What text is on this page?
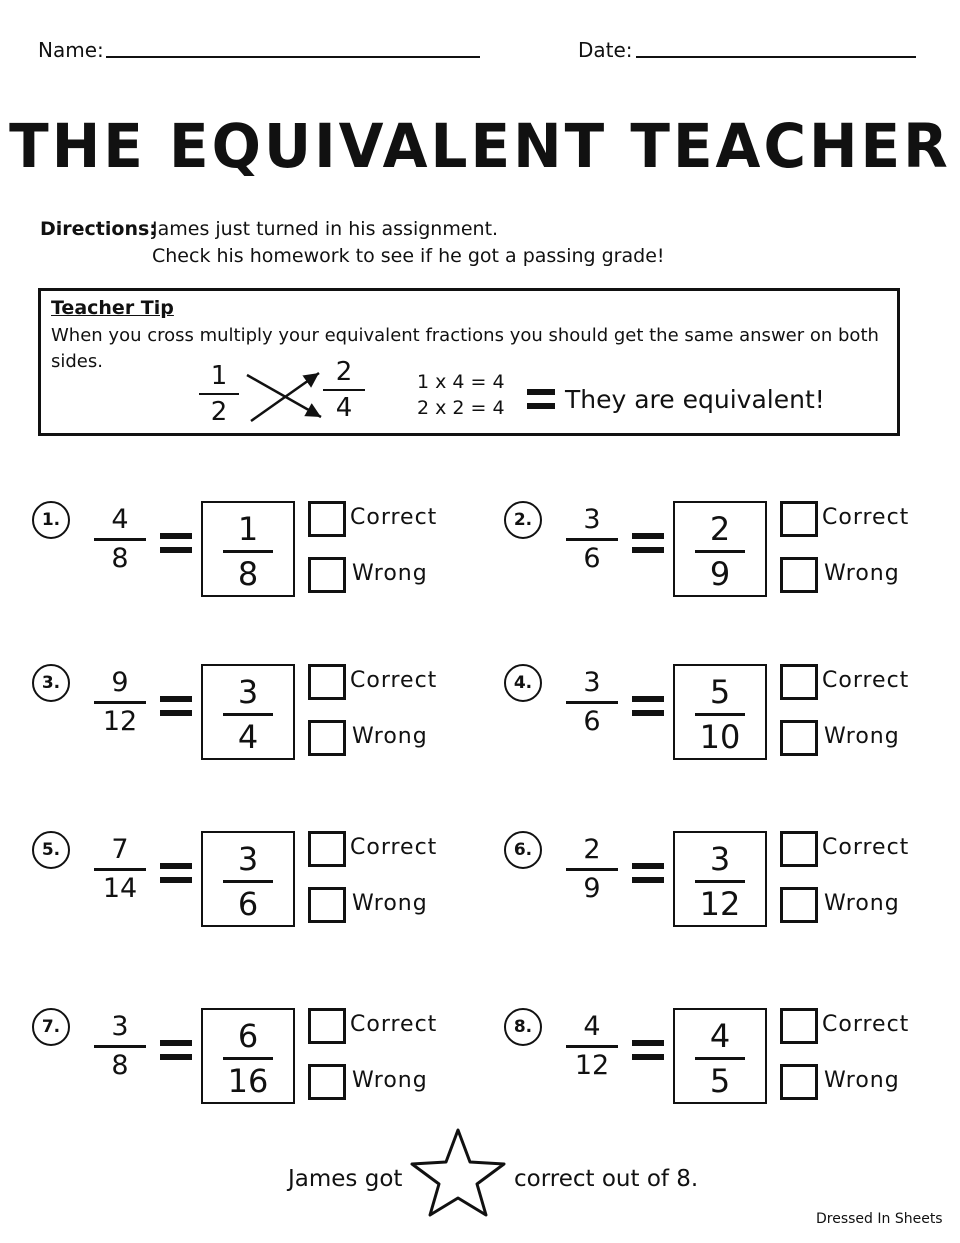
Name:	Date:
THE EQUIVALENT TEACHER
Directions:
James just turned in his assignment.
Check his homework to see if he got a passing grade!
Teacher Tip
When you cross multiply your equivalent fractions you should get the same answer on both sides.	1
2
2
4
1 x 4 = 4
2 x 2 = 4 They are equivalent!
1.	4
8
1
8
Correct
Wrong
2.	3
6
2
9
Correct
Wrong
3.	9
12
3
4
Correct
Wrong
4.	3
6
5
10
Correct
Wrong
5.	7
14
3
6
Correct
Wrong
6.	2
9
3
12
Correct
Wrong
7.	3
8
6
16
Correct
Wrong
8.	4
12
4
5
Correct
Wrong
James got	correct out of 8.
Dressed In Sheets
